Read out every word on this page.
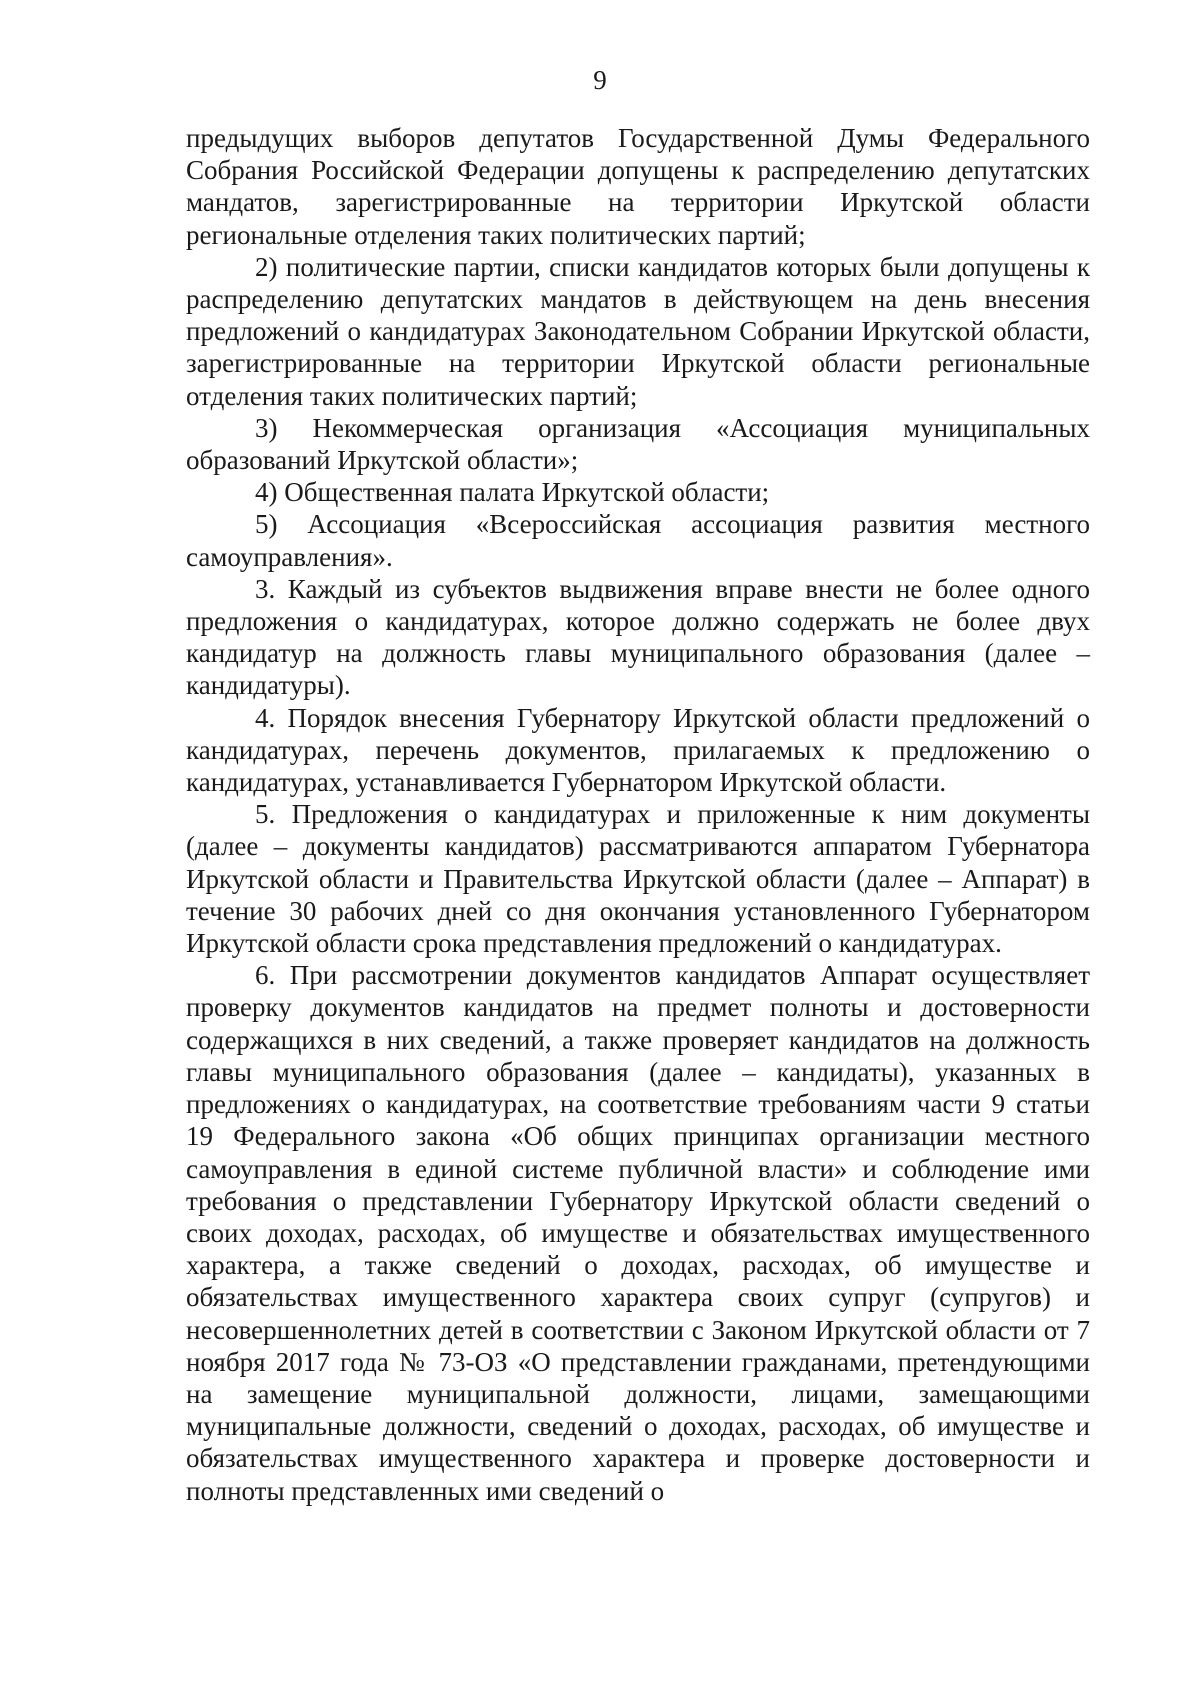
9

предыдущих выборов депутатов Государственной Думы Федерального Собрания Российской Федерации допущены к распределению депутатских мандатов, зарегистрированные на территории Иркутской области региональные отделения таких политических партий;

2) политические партии, списки кандидатов которых были допущены к распределению депутатских мандатов в действующем на день внесения предложений о кандидатурах Законодательном Собрании Иркутской области, зарегистрированные на территории Иркутской области региональные отделения таких политических партий;

3) Некоммерческая организация «Ассоциация муниципальных образований Иркутской области»;

4) Общественная палата Иркутской области;

5) Ассоциация «Всероссийская ассоциация развития местного самоуправления».

3. Каждый из субъектов выдвижения вправе внести не более одного предложения о кандидатурах, которое должно содержать не более двух кандидатур на должность главы муниципального образования (далее – кандидатуры).

4. Порядок внесения Губернатору Иркутской области предложений о кандидатурах, перечень документов, прилагаемых к предложению о кандидатурах, устанавливается Губернатором Иркутской области.

5. Предложения о кандидатурах и приложенные к ним документы (далее – документы кандидатов) рассматриваются аппаратом Губернатора Иркутской области и Правительства Иркутской области (далее – Аппарат) в течение 30 рабочих дней со дня окончания установленного Губернатором Иркутской области срока представления предложений о кандидатурах.

6. При рассмотрении документов кандидатов Аппарат осуществляет проверку документов кандидатов на предмет полноты и достоверности содержащихся в них сведений, а также проверяет кандидатов на должность главы муниципального образования (далее – кандидаты), указанных в предложениях о кандидатурах, на соответствие требованиям части 9 статьи 19 Федерального закона «Об общих принципах организации местного самоуправления в единой системе публичной власти» и соблюдение ими требования о представлении Губернатору Иркутской области сведений о своих доходах, расходах, об имуществе и обязательствах имущественного характера, а также сведений о доходах, расходах, об имуществе и обязательствах имущественного характера своих супруг (супругов) и несовершеннолетних детей в соответствии с Законом Иркутской области от 7 ноября 2017 года № 73-ОЗ «О представлении гражданами, претендующими на замещение муниципальной должности, лицами, замещающими муниципальные должности, сведений о доходах, расходах, об имуществе и обязательствах имущественного характера и проверке достоверности и полноты представленных ими сведений о
